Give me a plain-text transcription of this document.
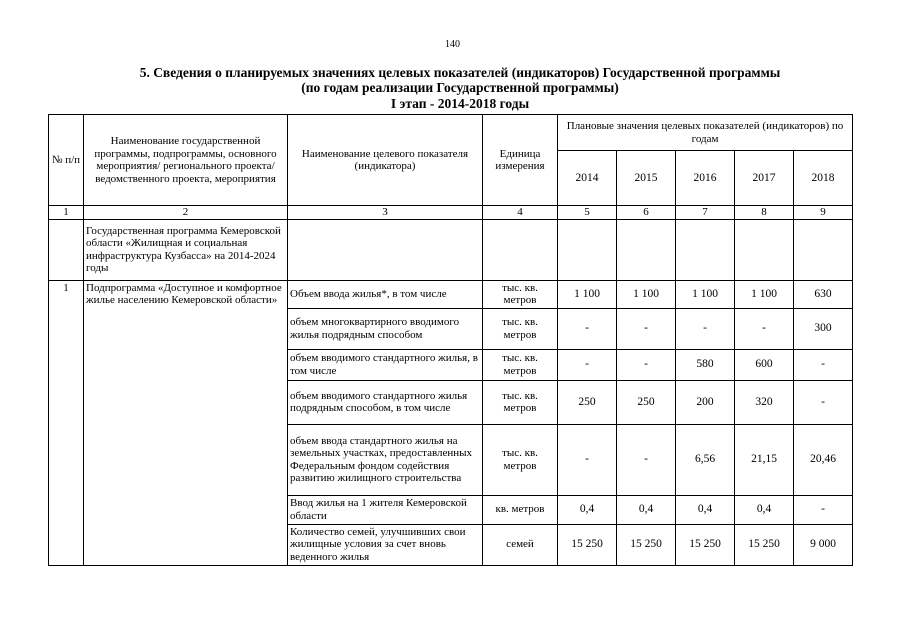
140
5. Сведения о планируемых значениях целевых показателей (индикаторов) Государственной программы
(по годам реализации Государственной программы)
I этап - 2014-2018 годы
№ п/п	Наименование государственной программы, подпрограммы, основного мероприятия/ регионального проекта/ ведомственного проекта, мероприятия	Наименование целевого показателя (индикатора)	Единица измерения	Плановые значения целевых показателей (индикаторов) по годам				
				2014	2015	2016	2017	2018
1	2	3	4	5	6	7	8	9
	Государственная программа Кемеровской области «Жилищная и социальная инфраструктура Кузбасса» на 2014-2024 годы							
1	Подпрограмма «Доступное и комфортное жилье населению Кемеровской области»	Объем ввода жилья*, в том числе	тыс. кв. метров	1 100	1 100	1 100	1 100	630
		объем многоквартирного вводимого жилья подрядным способом	тыс. кв. метров	-	-	-	-	300
		объем вводимого стандартного жилья, в том числе	тыс. кв. метров	-	-	580	600	-
		объем вводимого стандартного жилья подрядным способом, в том числе	тыс. кв. метров	250	250	200	320	-
		объем ввода стандартного жилья на земельных участках, предоставленных Федеральным фондом содействия развитию жилищного строительства	тыс. кв. метров	-	-	6,56	21,15	20,46
		Ввод жилья на 1 жителя Кемеровской области	кв. метров	0,4	0,4	0,4	0,4	-
		Количество семей, улучшивших свои жилищные условия за счет вновь веденного жилья	семей	15 250	15 250	15 250	15 250	9 000
